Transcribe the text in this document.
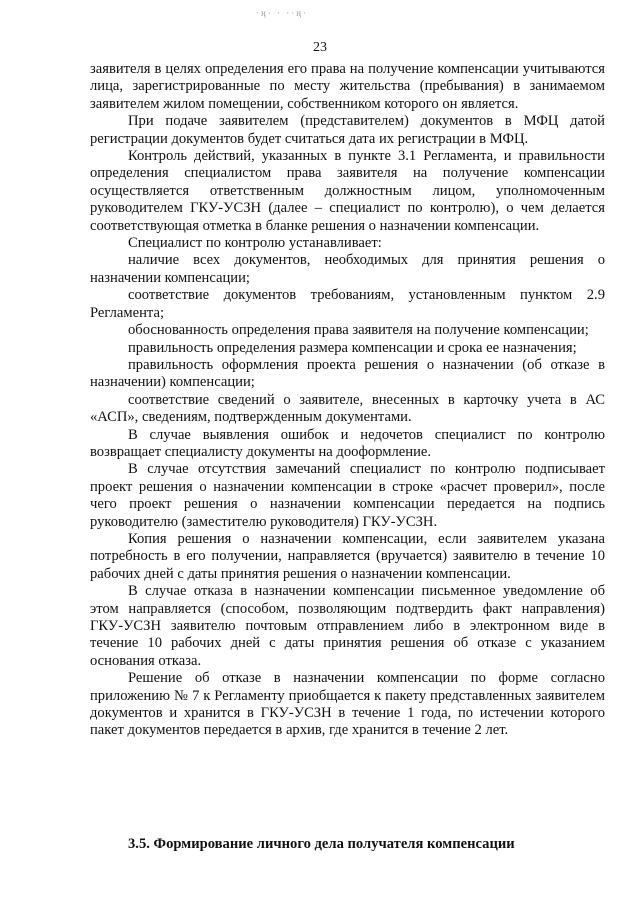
·ӊ· · ··ӊ·
23

заявителя в целях определения его права на получение компенсации учитываются лица, зарегистрированные по месту жительства (пребывания) в занимаемом заявителем жилом помещении, собственником которого он является.

При подаче заявителем (представителем) документов в МФЦ датой регистрации документов будет считаться дата их регистрации в МФЦ.

Контроль действий, указанных в пункте 3.1 Регламента, и правильности определения специалистом права заявителя на получение компенсации осуществляется ответственным должностным лицом, уполномоченным руководителем ГКУ-УСЗН (далее – специалист по контролю), о чем делается соответствующая отметка в бланке решения о назначении компенсации.

Специалист по контролю устанавливает:

наличие всех документов, необходимых для принятия решения о назначении компенсации;

соответствие документов требованиям, установленным пунктом 2.9 Регламента;

обоснованность определения права заявителя на получение компенсации;

правильность определения размера компенсации и срока ее назначения;

правильность оформления проекта решения о назначении (об отказе в назначении) компенсации;

соответствие сведений о заявителе, внесенных в карточку учета в АС «АСП», сведениям, подтвержденным документами.

В случае выявления ошибок и недочетов специалист по контролю возвращает специалисту документы на дооформление.

В случае отсутствия замечаний специалист по контролю подписывает проект решения о назначении компенсации в строке «расчет проверил», после чего проект решения о назначении компенсации передается на подпись руководителю (заместителю руководителя) ГКУ-УСЗН.

Копия решения о назначении компенсации, если заявителем указана потребность в его получении, направляется (вручается) заявителю в течение 10 рабочих дней с даты принятия решения о назначении компенсации.

В случае отказа в назначении компенсации письменное уведомление об этом направляется (способом, позволяющим подтвердить факт направления) ГКУ-УСЗН заявителю почтовым отправлением либо в электронном виде в течение 10 рабочих дней с даты принятия решения об отказе с указанием основания отказа.

Решение об отказе в назначении компенсации по форме согласно приложению № 7 к Регламенту приобщается к пакету представленных заявителем документов и хранится в ГКУ-УСЗН в течение 1 года, по истечении которого пакет документов передается в архив, где хранится в течение 2 лет.

3.5. Формирование личного дела получателя компенсации
